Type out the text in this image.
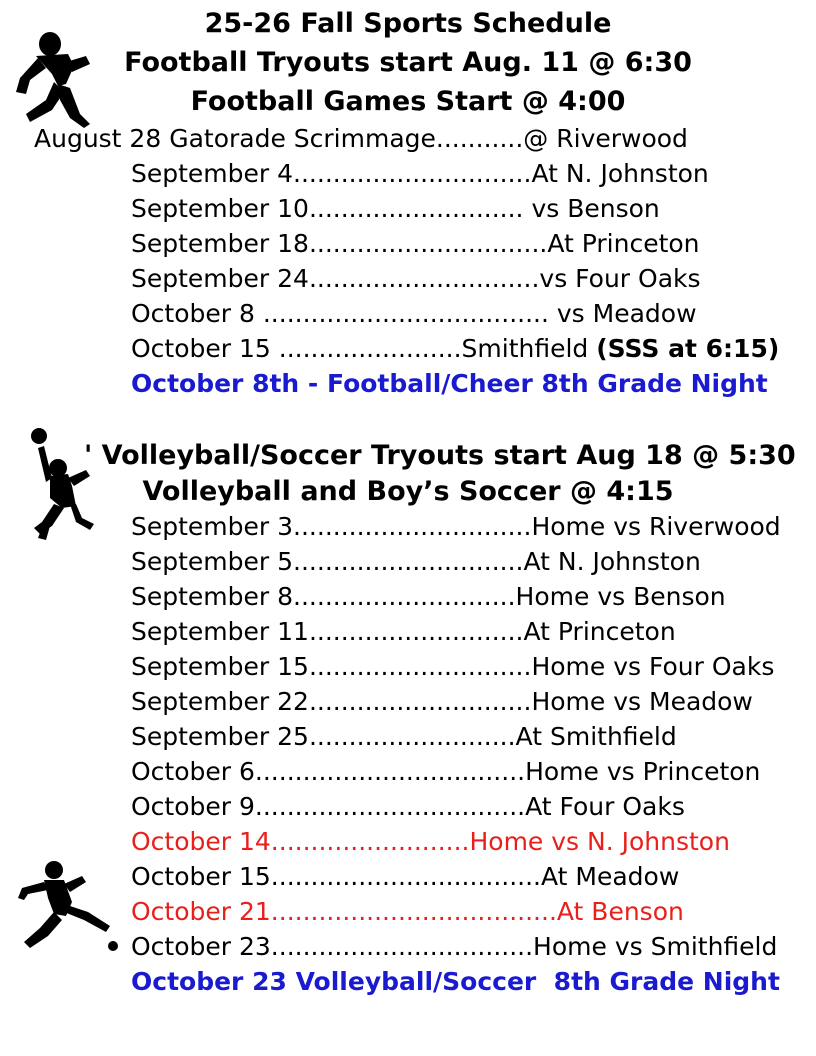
25-26 Fall Sports Schedule
Football Tryouts start Aug. 11 @ 6:30
Football Games Start @ 4:00
August 28 Gatorade Scrimmage...........@ Riverwood
September 4..............................At N. Johnston
September 10........................... vs Benson
September 18..............................At Princeton
September 24.............................vs Four Oaks
October 8 .................................... vs Meadow
October 15 .......................Smithfield (SSS at 6:15)
October 8th - Football/Cheer 8th Grade Night
' Volleyball/Soccer Tryouts start Aug 18 @ 5:30
Volleyball and Boy’s Soccer @ 4:15
September 3..............................Home vs Riverwood
September 5.............................At N. Johnston
September 8............................Home vs Benson
September 11...........................At Princeton
September 15............................Home vs Four Oaks
September 22............................Home vs Meadow
September 25..........................At Smithfield
October 6..................................Home vs Princeton
October 9..................................At Four Oaks
October 14.........................Home vs N. Johnston
October 15..................................At Meadow
October 21....................................At Benson
October 23.................................Home vs Smithfield
October 23 Volleyball/Soccer  8th Grade Night
